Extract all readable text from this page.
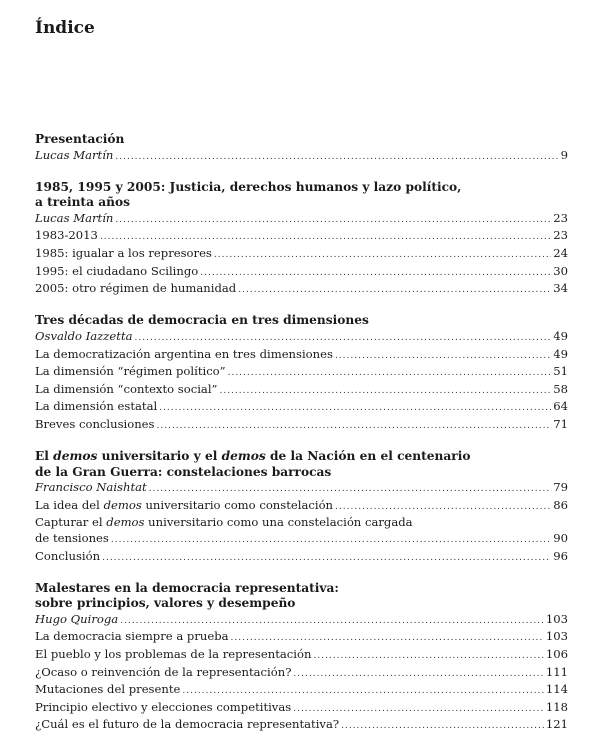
Índice
Presentación
Lucas Martín .....	9
1985, 1995 y 2005: Justicia, derechos humanos y lazo político,
a treinta años
Lucas Martín .....	23
1983-2013 .....	23
1985: igualar a los represores .....	24
1995: el ciudadano Scilingo .....	30
2005: otro régimen de humanidad .....	34
Tres décadas de democracia en tres dimensiones
Osvaldo Iazzetta .....	49
La democratización argentina en tres dimensiones .....	49
La dimensión “régimen político” .....	51
La dimensión “contexto social” .....	58
La dimensión estatal .....	64
Breves conclusiones .....	71
El demos universitario y el demos de la Nación en el centenario
de la Gran Guerra: constelaciones barrocas
Francisco Naishtat .....	79
La idea del demos universitario como constelación .....	86
Capturar el demos universitario como una constelación cargada
de tensiones .....	90
Conclusión .....	96
Malestares en la democracia representativa:
sobre principios, valores y desempeño
Hugo Quiroga .....	103
La democracia siempre a prueba .....	103
El pueblo y los problemas de la representación .....	106
¿Ocaso o reinvención de la representación? .....	111
Mutaciones del presente .....	114
Principio electivo y elecciones competitivas .....	118
¿Cuál es el futuro de la democracia representativa? .....	121
